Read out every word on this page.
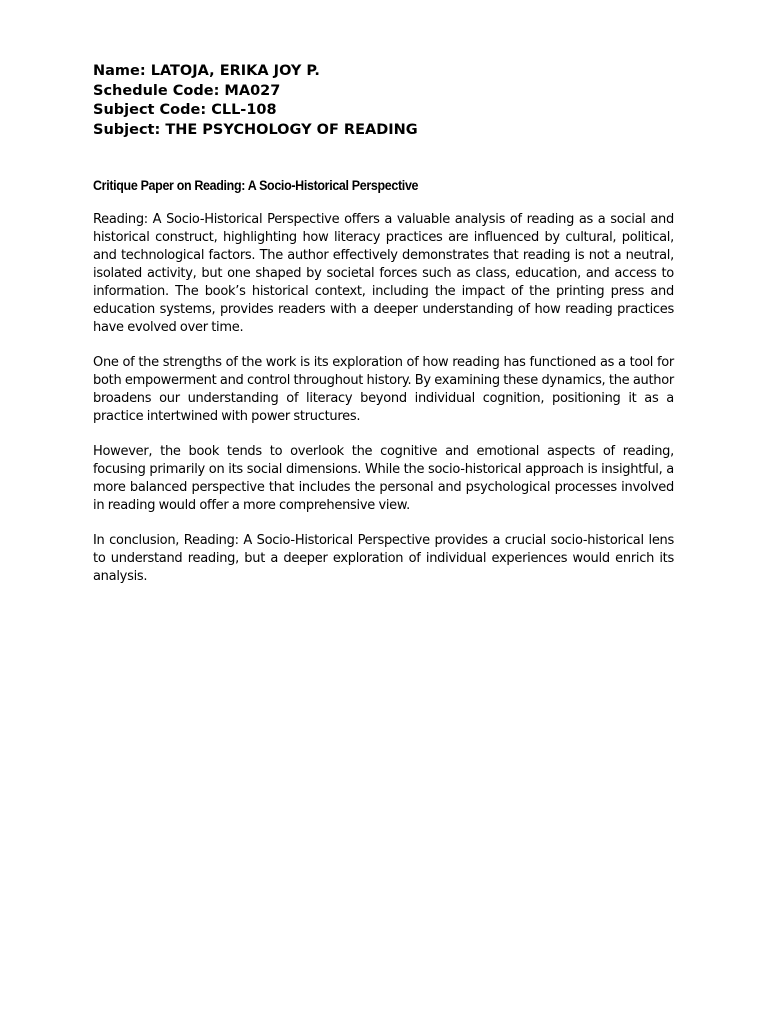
Name: LATOJA, ERIKA JOY P.
Schedule Code: MA027
Subject Code: CLL-108
Subject: THE PSYCHOLOGY OF READING
Critique Paper on Reading: A Socio-Historical Perspective

Reading: A Socio-Historical Perspective offers a valuable analysis of reading as a social and historical construct, highlighting how literacy practices are influenced by cultural, political, and technological factors. The author effectively demonstrates that reading is not a neutral, isolated activity, but one shaped by societal forces such as class, education, and access to information. The book’s historical context, including the impact of the printing press and education systems, provides readers with a deeper understanding of how reading practices have evolved over time.

One of the strengths of the work is its exploration of how reading has functioned as a tool for both empowerment and control throughout history. By examining these dynamics, the author broadens our understanding of literacy beyond individual cognition, positioning it as a practice intertwined with power structures.

However, the book tends to overlook the cognitive and emotional aspects of reading, focusing primarily on its social dimensions. While the socio-historical approach is insightful, a more balanced perspective that includes the personal and psychological processes involved in reading would offer a more comprehensive view.

In conclusion, Reading: A Socio-Historical Perspective provides a crucial socio-historical lens to understand reading, but a deeper exploration of individual experiences would enrich its analysis.
